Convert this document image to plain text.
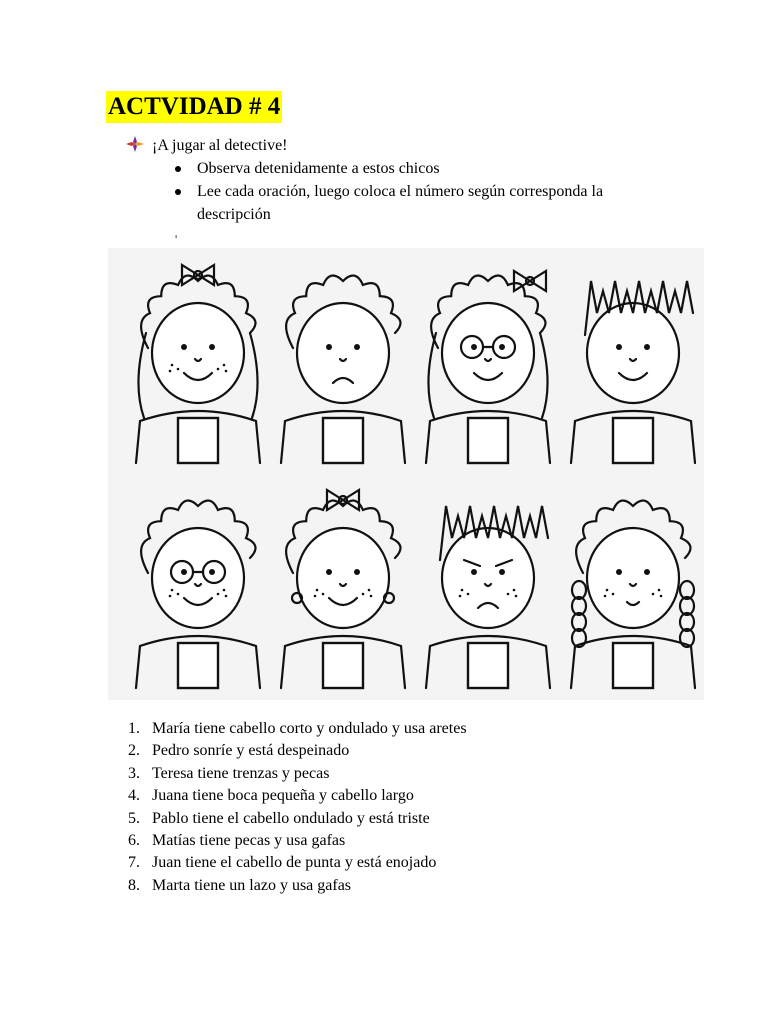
ACTVIDAD # 4
¡A jugar al detective!
Observa detenidamente a estos chicos
Lee cada oración, luego coloca el número según corresponda la descripción
'
1. María tiene cabello corto y ondulado y usa aretes
2. Pedro sonríe y está despeinado
3. Teresa tiene trenzas y pecas
4. Juana tiene boca pequeña y cabello largo
5. Pablo tiene el cabello ondulado y está triste
6. Matías tiene pecas y usa gafas
7. Juan tiene el cabello de punta y está enojado
8. Marta tiene un lazo y usa gafas
